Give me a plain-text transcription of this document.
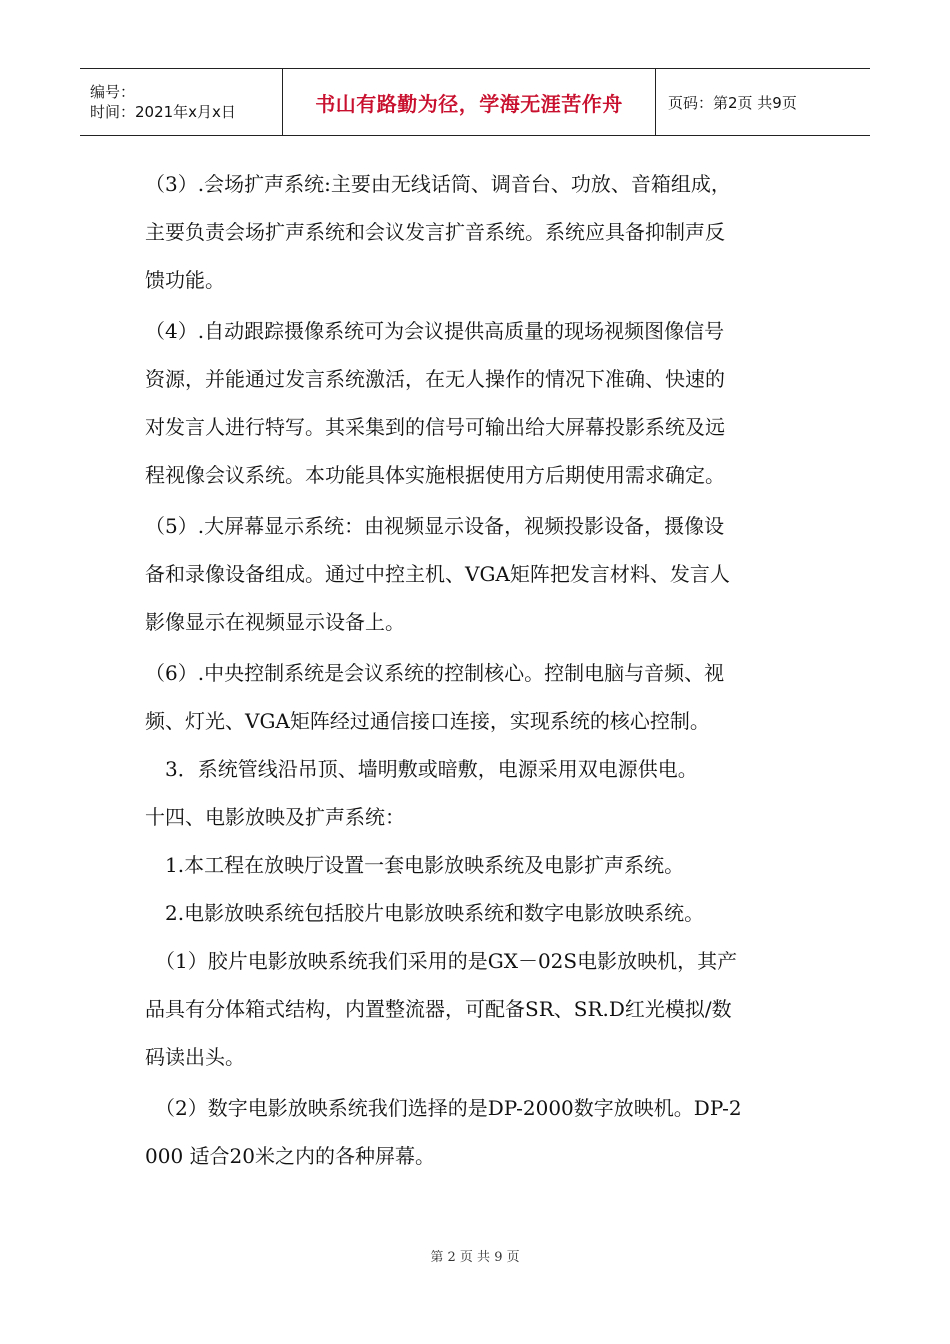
编号：
时间：2021年x月x日	书山有路勤为径，学海无涯苦作舟	页码：第2页 共9页
（3）.会场扩声系统:主要由无线话筒、调音台、功放、音箱组成，
主要负责会场扩声系统和会议发言扩音系统。系统应具备抑制声反
馈功能。
（4）.自动跟踪摄像系统可为会议提供高质量的现场视频图像信号
资源，并能通过发言系统激活，在无人操作的情况下准确、快速的
对发言人进行特写。其采集到的信号可输出给大屏幕投影系统及远
程视像会议系统。本功能具体实施根据使用方后期使用需求确定。
（5）.大屏幕显示系统：由视频显示设备，视频投影设备，摄像设
备和录像设备组成。通过中控主机、VGA矩阵把发言材料、发言人
影像显示在视频显示设备上。
（6）.中央控制系统是会议系统的控制核心。控制电脑与音频、视
频、灯光、VGA矩阵经过通信接口连接，实现系统的核心控制。
　3．系统管线沿吊顶、墙明敷或暗敷，电源采用双电源供电。
十四、电影放映及扩声系统：
　1.本工程在放映厅设置一套电影放映系统及电影扩声系统。
　2.电影放映系统包括胶片电影放映系统和数字电影放映系统。
　（1）胶片电影放映系统我们采用的是GX－02S电影放映机，其产
品具有分体箱式结构，内置整流器，可配备SR、SR.D红光模拟/数
码读出头。
　（2）数字电影放映系统我们选择的是DP-2000数字放映机。DP-2
000 适合20米之内的各种屏幕。
第 2 页 共 9 页
